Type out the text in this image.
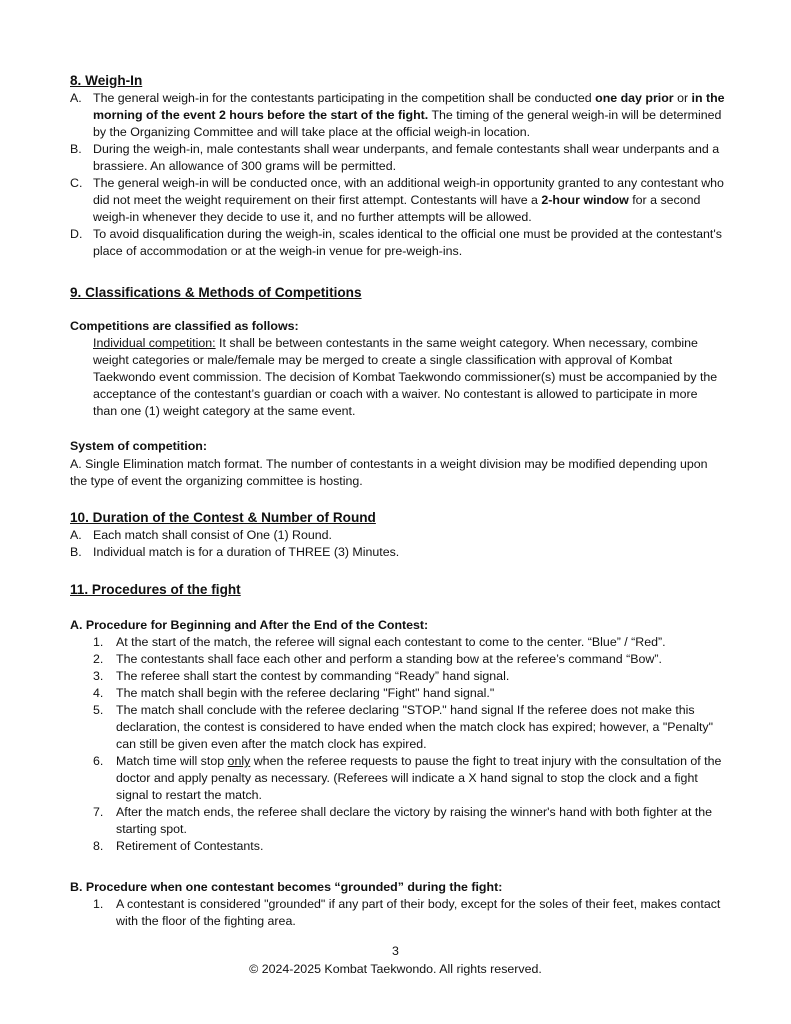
8. Weigh-In
A. The general weigh-in for the contestants participating in the competition shall be conducted one day prior or in the morning of the event 2 hours before the start of the fight. The timing of the general weigh-in will be determined by the Organizing Committee and will take place at the official weigh-in location.
B. During the weigh-in, male contestants shall wear underpants, and female contestants shall wear underpants and a brassiere. An allowance of 300 grams will be permitted.
C. The general weigh-in will be conducted once, with an additional weigh-in opportunity granted to any contestant who did not meet the weight requirement on their first attempt. Contestants will have a 2-hour window for a second weigh-in whenever they decide to use it, and no further attempts will be allowed.
D. To avoid disqualification during the weigh-in, scales identical to the official one must be provided at the contestant's place of accommodation or at the weigh-in venue for pre-weigh-ins.
9. Classifications & Methods of Competitions
Competitions are classified as follows:
Individual competition: It shall be between contestants in the same weight category. When necessary, combine weight categories or male/female may be merged to create a single classification with approval of Kombat Taekwondo event commission. The decision of Kombat Taekwondo commissioner(s) must be accompanied by the acceptance of the contestant’s guardian or coach with a waiver. No contestant is allowed to participate in more than one (1) weight category at the same event.
System of competition:
A. Single Elimination match format. The number of contestants in a weight division may be modified depending upon the type of event the organizing committee is hosting.
10. Duration of the Contest & Number of Round
A. Each match shall consist of One (1) Round.
B. Individual match is for a duration of THREE (3) Minutes.
11. Procedures of the fight
A. Procedure for Beginning and After the End of the Contest:
1. At the start of the match, the referee will signal each contestant to come to the center. “Blue” / “Red”.
2. The contestants shall face each other and perform a standing bow at the referee’s command “Bow”.
3. The referee shall start the contest by commanding “Ready” hand signal.
4. The match shall begin with the referee declaring "Fight" hand signal."
5. The match shall conclude with the referee declaring "STOP." hand signal If the referee does not make this declaration, the contest is considered to have ended when the match clock has expired; however, a "Penalty" can still be given even after the match clock has expired.
6. Match time will stop only when the referee requests to pause the fight to treat injury with the consultation of the doctor and apply penalty as necessary. (Referees will indicate a X hand signal to stop the clock and a fight signal to restart the match.
7. After the match ends, the referee shall declare the victory by raising the winner's hand with both fighter at the starting spot.
8. Retirement of Contestants.
B. Procedure when one contestant becomes “grounded” during the fight:
1. A contestant is considered "grounded" if any part of their body, except for the soles of their feet, makes contact with the floor of the fighting area.
3
© 2024-2025 Kombat Taekwondo. All rights reserved.
